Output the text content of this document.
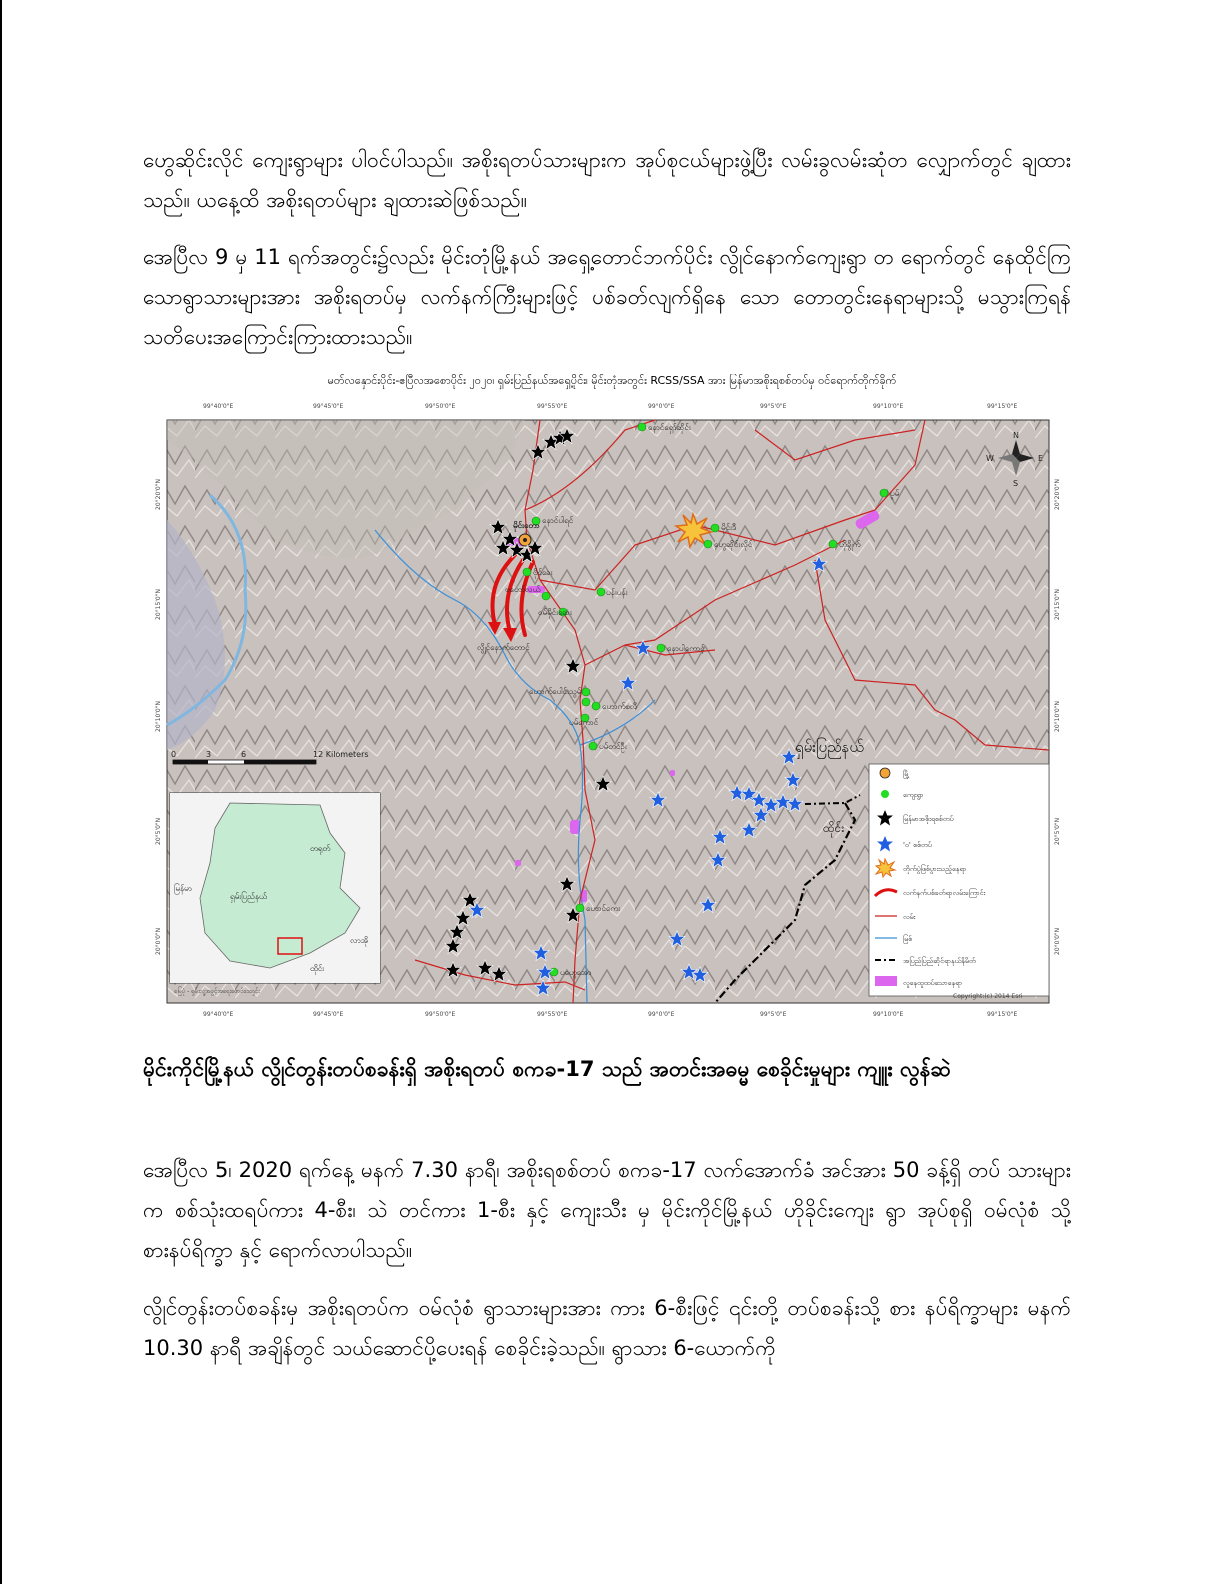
ဟွေဆိုင်းလိုင် ကျေးရွာများ ပါဝင်ပါသည်။ အစိုးရတပ်သားများက အုပ်စုငယ်များဖွဲ့ပြီး လမ်းခွလမ်းဆုံတ လျှောက်တွင် ချထားသည်။ ယနေ့ထိ အစိုးရတပ်များ ချထားဆဲဖြစ်သည်။

အေပြီလ 9 မှ 11 ရက်အတွင်း၌လည်း မိုင်းတုံမြို့နယ် အရှေ့တောင်ဘက်ပိုင်း လွိုင်နောက်ကျေးရွာ တ ရောက်တွင် နေထိုင်ကြသောရွာသားများအား အစိုးရတပ်မှ လက်နက်ကြီးများဖြင့် ပစ်ခတ်လျက်ရှိနေ သော တောတွင်းနေရာများသို့ မသွားကြရန် သတိပေးအကြောင်းကြားထားသည်။

မတ်လနှောင်းပိုင်း-ဧပြီလအစောပိုင်း ၂၀၂၀၊ ရှမ်းပြည်နယ်အရှေ့ပိုင်း၊ မိုင်းတုံအတွင်း RCSS/SSA အား မြန်မာအစိုးရစစ်တပ်မှ ဝင်ရောက်တိုက်ခိုက်
99°40'0"E	99°45'0"E	99°50'0"E	99°55'0"E	99°0'0"E	99°5'0"E	99°10'0"E	99°15'0"E
99°40'0"E	99°45'0"E	99°50'0"E	99°55'0"E	99°0'0"E	99°5'0"E	99°10'0"E	99°15'0"E
20°20'0"N
20°15'0"N
20°10'0"N
20°5'0"N
20°0'0"N
20°20'0"N
20°15'0"N
20°10'0"N
20°5'0"N
20°0'0"N
နောင်ရှော်ဆိုင်း
ပူမ်
မိုင်းဒီ
ဟွေဆိုင်းလိုင်	ဟိုခွိုက်
နောင်ပါရင်
မိုင်းတော
ဗိုင်ခေး
ဗဟော်လယ်	ပန်းပန်း
ဝမ်မိုင်းဆေး
လွိုင်နောက်တောင်	နောပါကောင့်
ဟောက်ပေါင်းသွမ်
ဟောက်စလီ
ပမ်ကောင်
ပမ်တင်ဦး
ဟောင်ကေး
ပဟွေအော
N
S
W	E
ရှမ်းပြည်နယ်
ထိုင်း
0	3	6	12 Kilometers
တရုတ်
မြန်မာ
ရှမ်းပြည်နယ်
လာအို
ထိုင်း
မြေပုံ - ရှမ်းလူ့အခွင့်အရေးဖောင်ဒေးရှင်း
မြို့
ကျေးရွာ
မြန်မာအစိုးရစစ်တပ်
'ဝ' စစ်တပ်
တိုက်ပွဲဖြစ်ပွားသည့်နေရာ
လက်နက်ပစ်ခတ်ရာလမ်းကြောင်း
လမ်း
မြစ်
အပြည်ပြည်ဆိုင်ရာနယ်နိမိတ်
လူနေထူထပ်သောနေရာ
Copyright:(c) 2014 Esri
မိုင်းကိုင်မြို့နယ် လွိုင်တွန်းတပ်စခန်းရှိ အစိုးရတပ် စကခ-17 သည် အတင်းအဓမ္မ စေခိုင်းမှုများ ကျူး လွန်ဆဲ

အေပြီလ 5၊ 2020 ရက်နေ့ မနက် 7.30 နာရီ၊ အစိုးရစစ်တပ် စကခ-17 လက်အောက်ခံ အင်အား 50 ခန့်ရှိ တပ် သားများက စစ်သုံးထရပ်ကား 4-စီး၊ သဲ တင်ကား 1-စီး နှင့် ကျေးသီး မှ မိုင်းကိုင်မြို့နယ် ဟိုခိုင်းကျေး ရွာ အုပ်စုရှိ ဝမ်လုံစံ သို့ စားနပ်ရိက္ခာ နှင့် ရောက်လာပါသည်။

လွိုင်တွန်းတပ်စခန်းမှ အစိုးရတပ်က ဝမ်လုံစံ ရွာသားများအား ကား 6-စီးဖြင့် ၎င်းတို့ တပ်စခန်းသို့ စား နပ်ရိက္ခာများ မနက် 10.30 နာရီ အချိန်တွင် သယ်ဆောင်ပို့ပေးရန် စေခိုင်းခဲ့သည်။ ရွာသား 6-ယောက်ကို
